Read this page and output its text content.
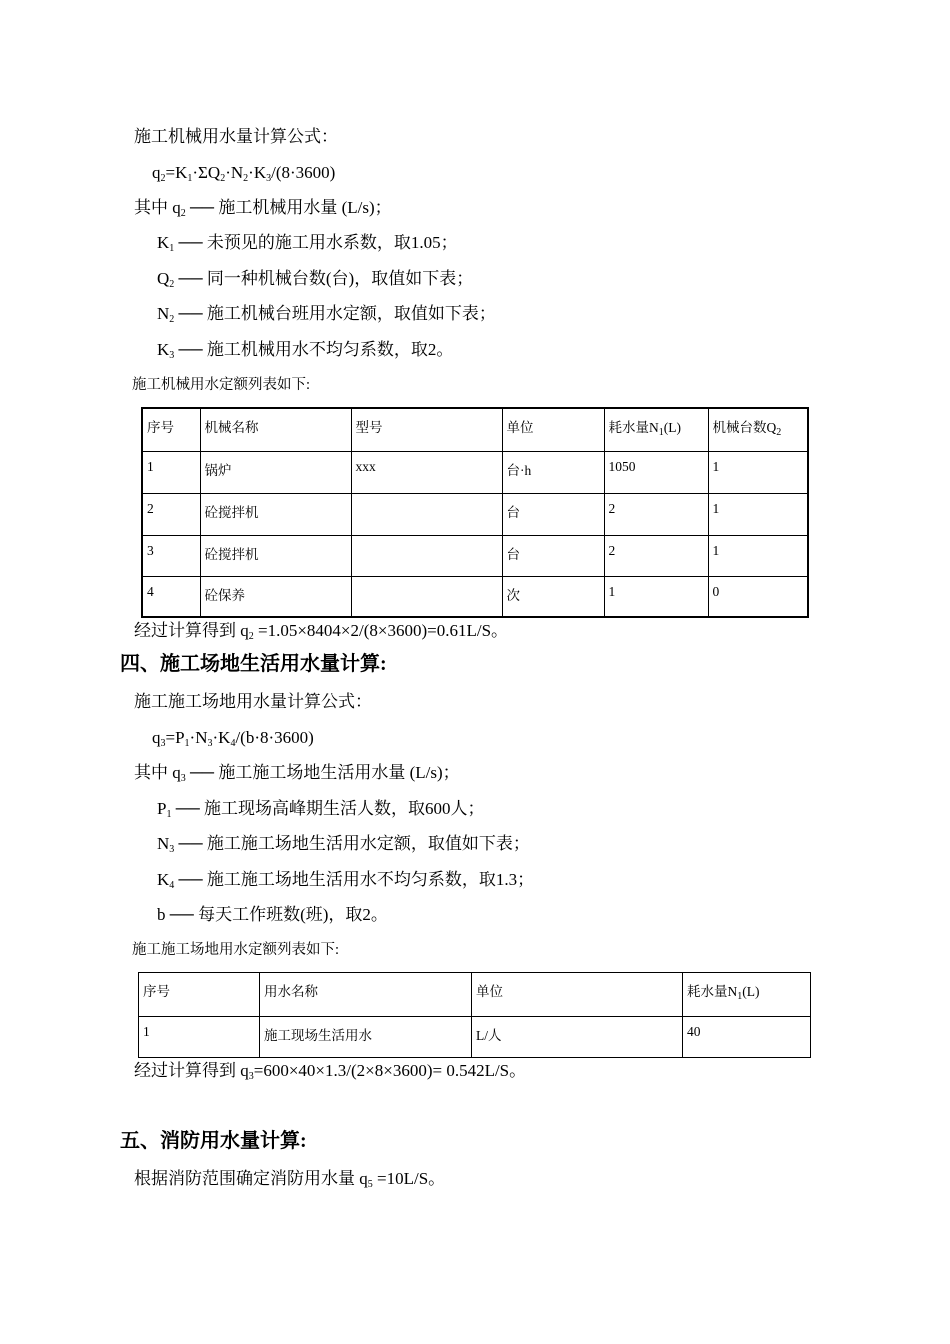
施工机械用水量计算公式：
$q_2=K_1\cdot\Sigma Q_2\cdot N_2\cdot K_3/(8\cdot 3600)$
其中 $q_2$ ── 施工机械用水量 (L/s)；
$K_1$ ── 未预见的施工用水系数，取1.05；
$Q_2$ ── 同一种机械台数(台)，取值如下表；
$N_2$ ── 施工机械台班用水定额，取值如下表；
$K_3$ ── 施工机械用水不均匀系数，取2。
施工机械用水定额列表如下:
序号	机械名称	型号	单位	耗水量$N_1(L)$	机械台数$Q_2$
1	锅炉	xxx	台·h	1050	1
2	砼搅拌机		台	2	1
3	砼搅拌机		台	2	1
4	砼保养		次	1	0
经过计算得到 $q_2 =1.05\times 8404\times 2/(8\times 3600)=0.61L/S$。
四、施工场地生活用水量计算:
施工施工场地用水量计算公式：
$q_3=P_1\cdot N_3\cdot K_4/(b\cdot 8\cdot 3600)$
其中 $q_3$ ── 施工施工场地生活用水量 (L/s)；
$P_1$ ── 施工现场高峰期生活人数，取600人；
$N_3$ ── 施工施工场地生活用水定额，取值如下表；
$K_4$ ── 施工施工场地生活用水不均匀系数，取1.3；
b ── 每天工作班数(班)，取2。
施工施工场地用水定额列表如下:
序号	用水名称	单位	耗水量$N_1(L)$
1	施工现场生活用水	L/人	40
经过计算得到 $q_3=600\times 40\times 1.3/(2\times 8\times 3600)= 0.542L/S$。
五、消防用水量计算:
根据消防范围确定消防用水量 $q_5 =10L/S$。
